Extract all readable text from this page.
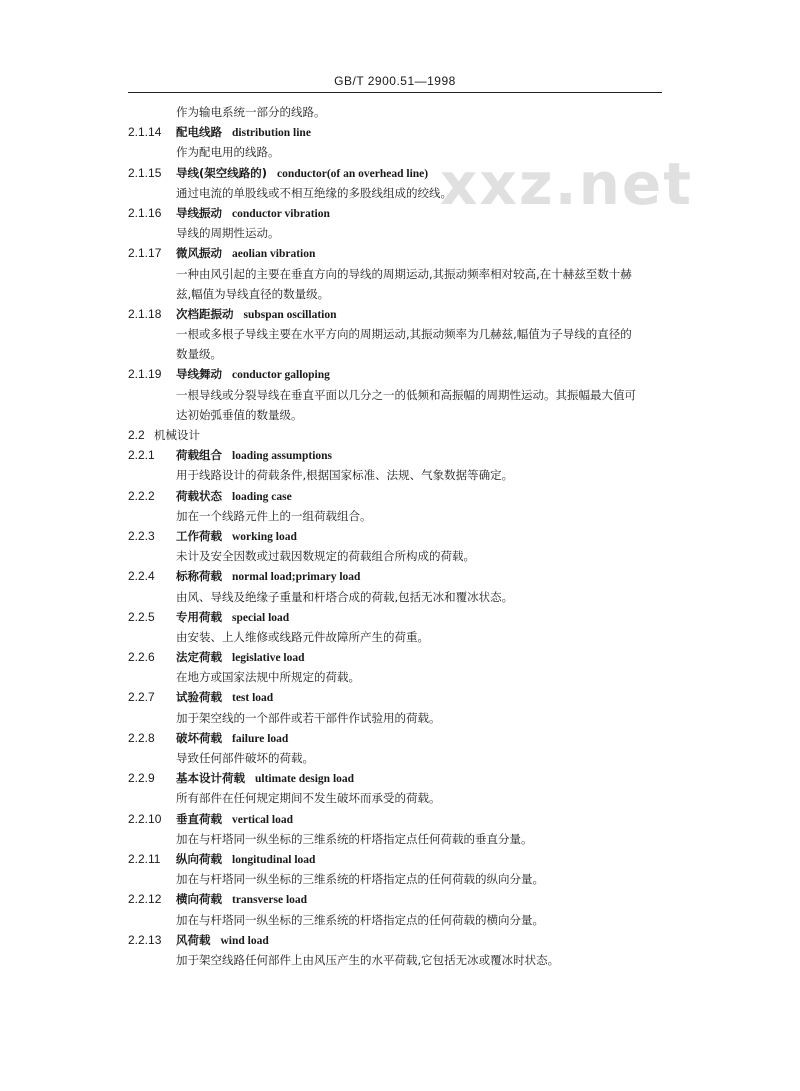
GB/T 2900.51—1998
xxz.net
作为输电系统一部分的线路。
2.1.14 配电线路 distribution line
作为配电用的线路。
2.1.15 导线(架空线路的) conductor(of an overhead line)
通过电流的单股线或不相互绝缘的多股线组成的绞线。
2.1.16 导线振动 conductor vibration
导线的周期性运动。
2.1.17 微风振动 aeolian vibration
一种由风引起的主要在垂直方向的导线的周期运动,其振动频率相对较高,在十赫兹至数十赫
兹,幅值为导线直径的数量级。
2.1.18 次档距振动 subspan oscillation
一根或多根子导线主要在水平方向的周期运动,其振动频率为几赫兹,幅值为子导线的直径的
数量级。
2.1.19 导线舞动 conductor galloping
一根导线或分裂导线在垂直平面以几分之一的低频和高振幅的周期性运动。其振幅最大值可
达初始弧垂值的数量级。
2.2 机械设计
2.2.1 荷载组合 loading assumptions
用于线路设计的荷载条件,根据国家标准、法规、气象数据等确定。
2.2.2 荷载状态 loading case
加在一个线路元件上的一组荷载组合。
2.2.3 工作荷载 working load
未计及安全因数或过载因数规定的荷载组合所构成的荷载。
2.2.4 标称荷载 normal load;primary load
由风、导线及绝缘子重量和杆塔合成的荷载,包括无冰和覆冰状态。
2.2.5 专用荷载 special load
由安装、上人维修或线路元件故障所产生的荷重。
2.2.6 法定荷载 legislative load
在地方或国家法规中所规定的荷载。
2.2.7 试验荷载 test load
加于架空线的一个部件或若干部件作试验用的荷载。
2.2.8 破坏荷载 failure load
导致任何部件破坏的荷载。
2.2.9 基本设计荷载 ultimate design load
所有部件在任何规定期间不发生破坏而承受的荷载。
2.2.10 垂直荷载 vertical load
加在与杆塔同一纵坐标的三维系统的杆塔指定点任何荷载的垂直分量。
2.2.11 纵向荷载 longitudinal load
加在与杆塔同一纵坐标的三维系统的杆塔指定点的任何荷载的纵向分量。
2.2.12 横向荷载 transverse load
加在与杆塔同一纵坐标的三维系统的杆塔指定点的任何荷载的横向分量。
2.2.13 风荷载 wind load
加于架空线路任何部件上由风压产生的水平荷载,它包括无冰或覆冰时状态。
